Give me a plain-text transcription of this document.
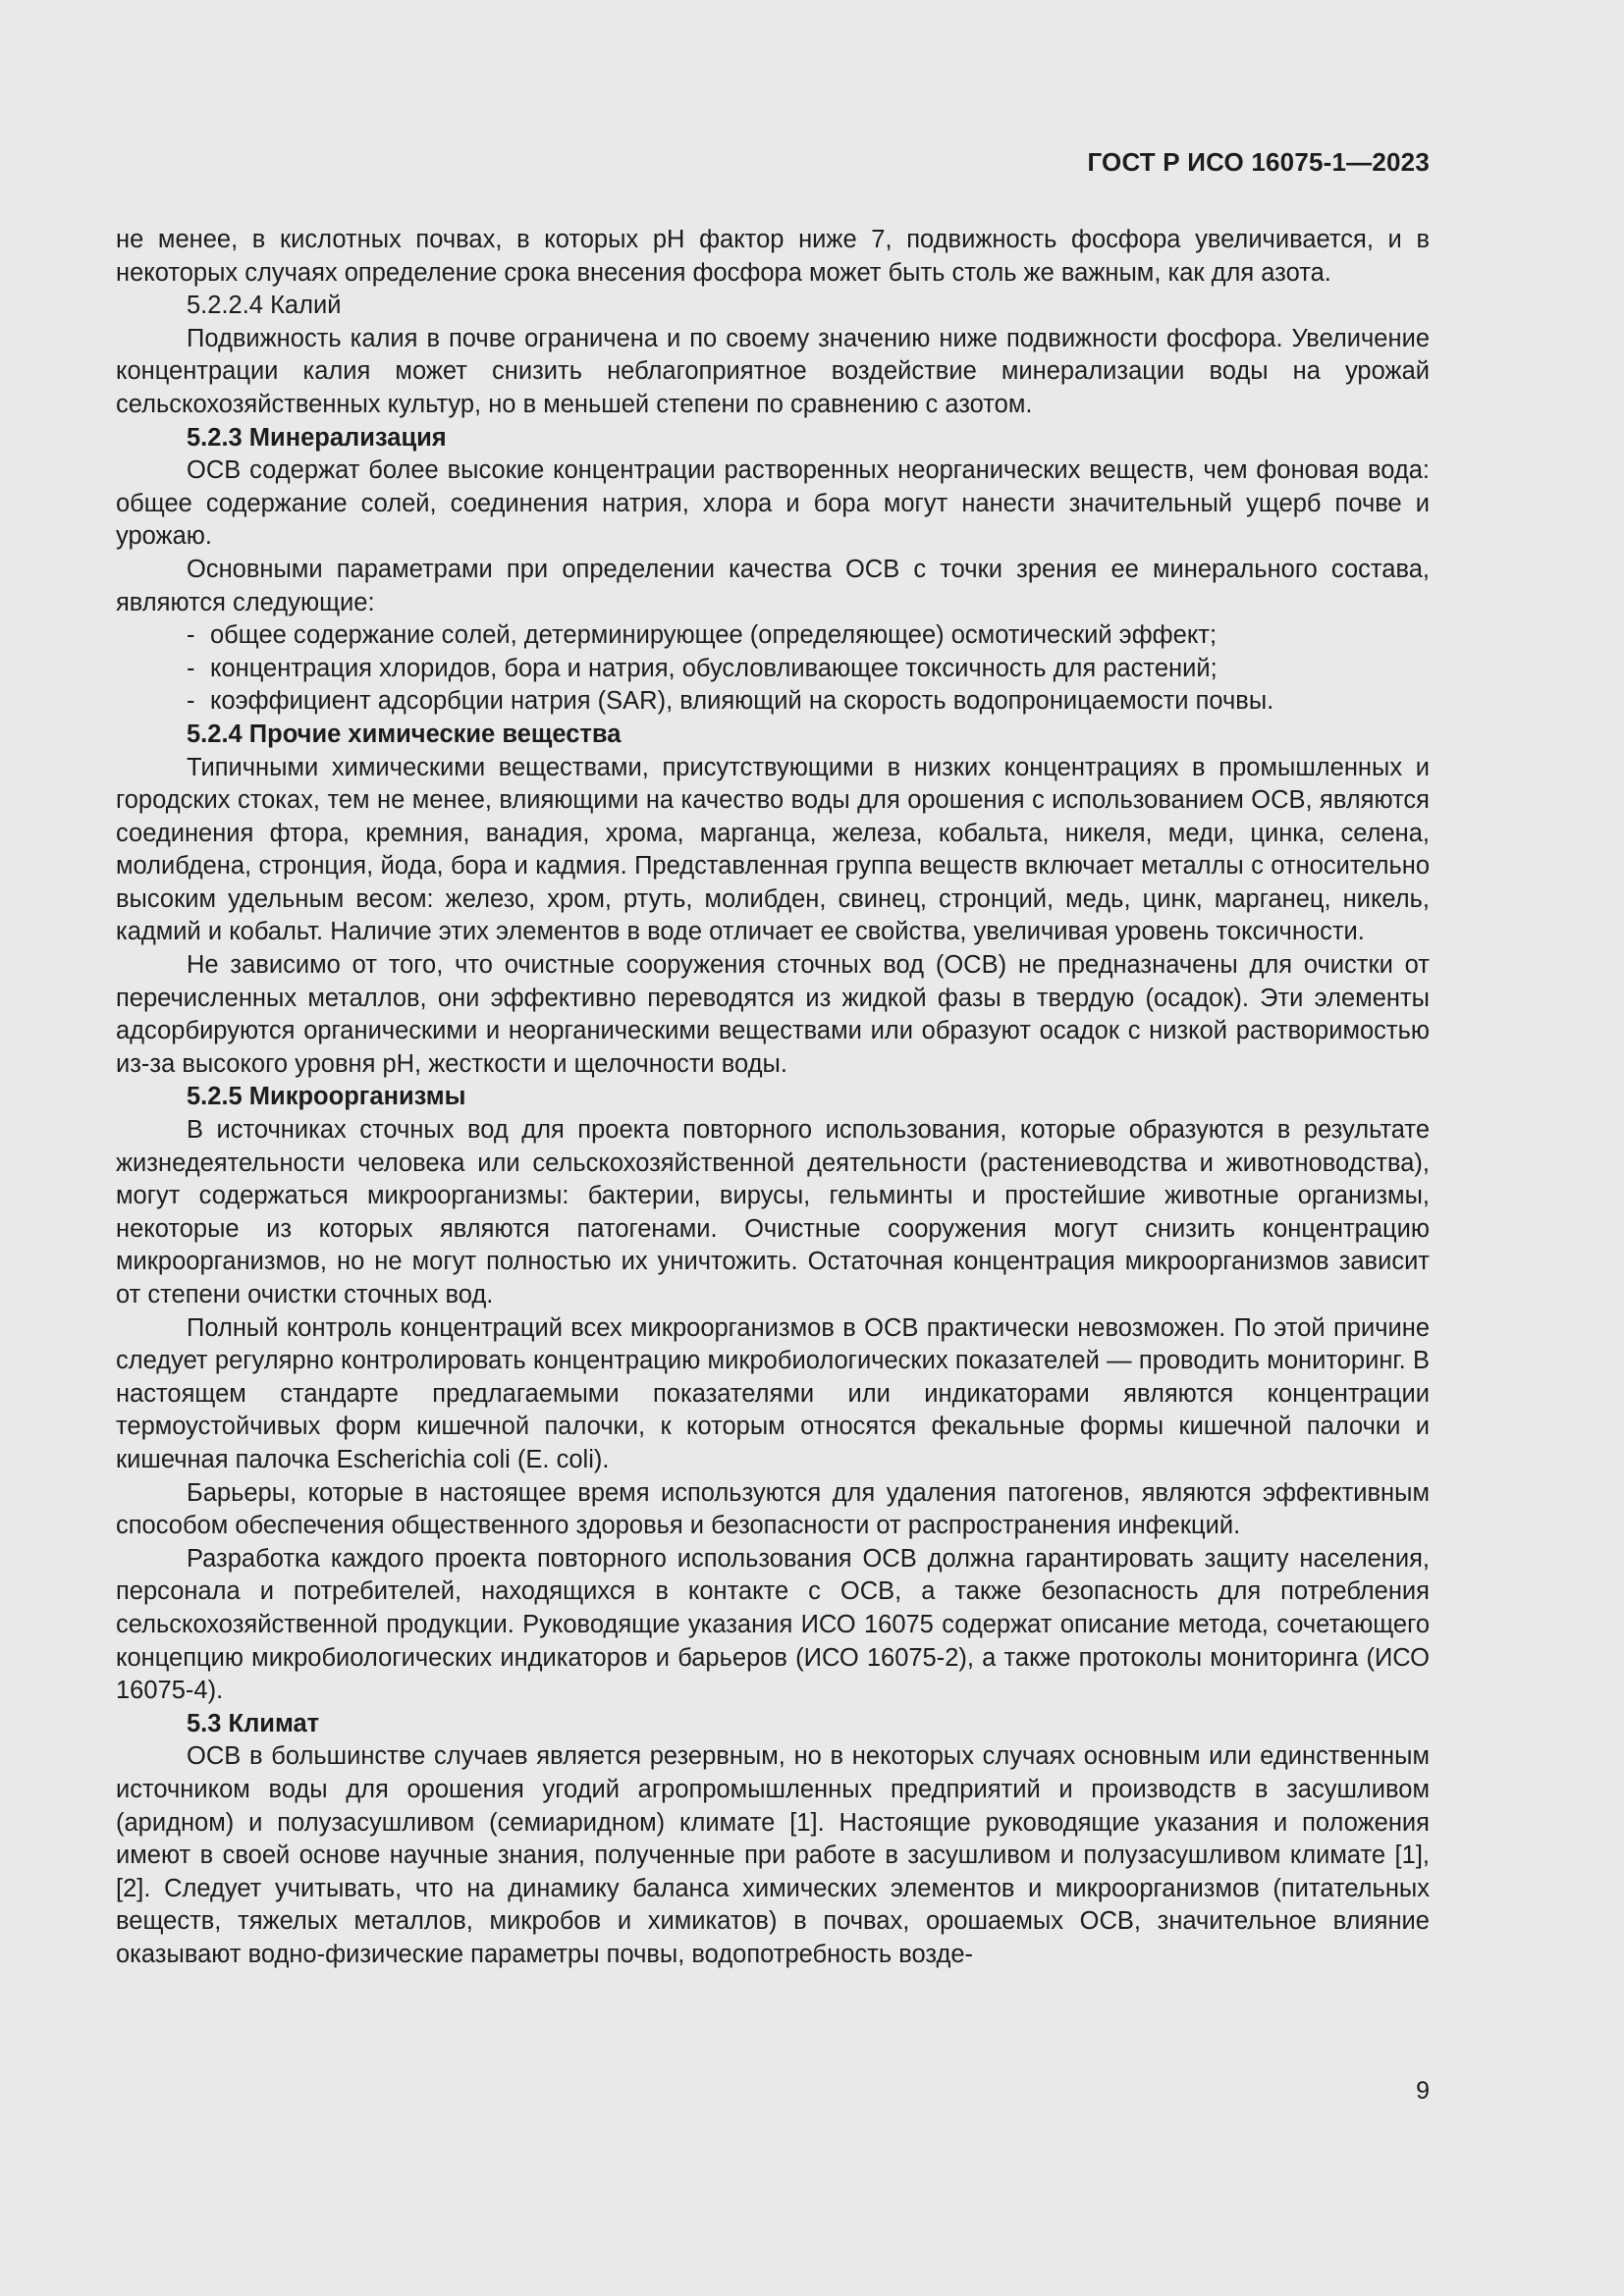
ГОСТ Р ИСО 16075-1—2023

не менее, в кислотных почвах, в которых pH фактор ниже 7, подвижность фосфора увеличивается, и в некоторых случаях определение срока внесения фосфора может быть столь же важным, как для азота.

5.2.2.4 Калий

Подвижность калия в почве ограничена и по своему значению ниже подвижности фосфора. Увеличение концентрации калия может снизить неблагоприятное воздействие минерализации воды на урожай сельскохозяйственных культур, но в меньшей степени по сравнению с азотом.

5.2.3 Минерализация

ОСВ содержат более высокие концентрации растворенных неорганических веществ, чем фоновая вода: общее содержание солей, соединения натрия, хлора и бора могут нанести значительный ущерб почве и урожаю.

Основными параметрами при определении качества ОСВ с точки зрения ее минерального состава, являются следующие:

- общее содержание солей, детерминирующее (определяющее) осмотический эффект;
- концентрация хлоридов, бора и натрия, обусловливающее токсичность для растений;
- коэффициент адсорбции натрия (SAR), влияющий на скорость водопроницаемости почвы.

5.2.4 Прочие химические вещества

Типичными химическими веществами, присутствующими в низких концентрациях в промышленных и городских стоках, тем не менее, влияющими на качество воды для орошения с использованием ОСВ, являются соединения фтора, кремния, ванадия, хрома, марганца, железа, кобальта, никеля, меди, цинка, селена, молибдена, стронция, йода, бора и кадмия. Представленная группа веществ включает металлы с относительно высоким удельным весом: железо, хром, ртуть, молибден, свинец, стронций, медь, цинк, марганец, никель, кадмий и кобальт. Наличие этих элементов в воде отличает ее свойства, увеличивая уровень токсичности.

Не зависимо от того, что очистные сооружения сточных вод (ОСВ) не предназначены для очистки от перечисленных металлов, они эффективно переводятся из жидкой фазы в твердую (осадок). Эти элементы адсорбируются органическими и неорганическими веществами или образуют осадок с низкой растворимостью из-за высокого уровня pH, жесткости и щелочности воды.

5.2.5 Микроорганизмы

В источниках сточных вод для проекта повторного использования, которые образуются в результате жизнедеятельности человека или сельскохозяйственной деятельности (растениеводства и животноводства), могут содержаться микроорганизмы: бактерии, вирусы, гельминты и простейшие животные организмы, некоторые из которых являются патогенами. Очистные сооружения могут снизить концентрацию микроорганизмов, но не могут полностью их уничтожить. Остаточная концентрация микроорганизмов зависит от степени очистки сточных вод.

Полный контроль концентраций всех микроорганизмов в ОСВ практически невозможен. По этой причине следует регулярно контролировать концентрацию микробиологических показателей — проводить мониторинг. В настоящем стандарте предлагаемыми показателями или индикаторами являются концентрации термоустойчивых форм кишечной палочки, к которым относятся фекальные формы кишечной палочки и кишечная палочка Escherichia coli (E. coli).

Барьеры, которые в настоящее время используются для удаления патогенов, являются эффективным способом обеспечения общественного здоровья и безопасности от распространения инфекций.

Разработка каждого проекта повторного использования ОСВ должна гарантировать защиту населения, персонала и потребителей, находящихся в контакте с ОСВ, а также безопасность для потребления сельскохозяйственной продукции. Руководящие указания ИСО 16075 содержат описание метода, сочетающего концепцию микробиологических индикаторов и барьеров (ИСО 16075-2), а также протоколы мониторинга (ИСО 16075-4).

5.3 Климат

ОСВ в большинстве случаев является резервным, но в некоторых случаях основным или единственным источником воды для орошения угодий агропромышленных предприятий и производств в засушливом (аридном) и полузасушливом (семиаридном) климате [1]. Настоящие руководящие указания и положения имеют в своей основе научные знания, полученные при работе в засушливом и полузасушливом климате [1], [2]. Следует учитывать, что на динамику баланса химических элементов и микроорганизмов (питательных веществ, тяжелых металлов, микробов и химикатов) в почвах, орошаемых ОСВ, значительное влияние оказывают водно-физические параметры почвы, водопотребность возде-

9
